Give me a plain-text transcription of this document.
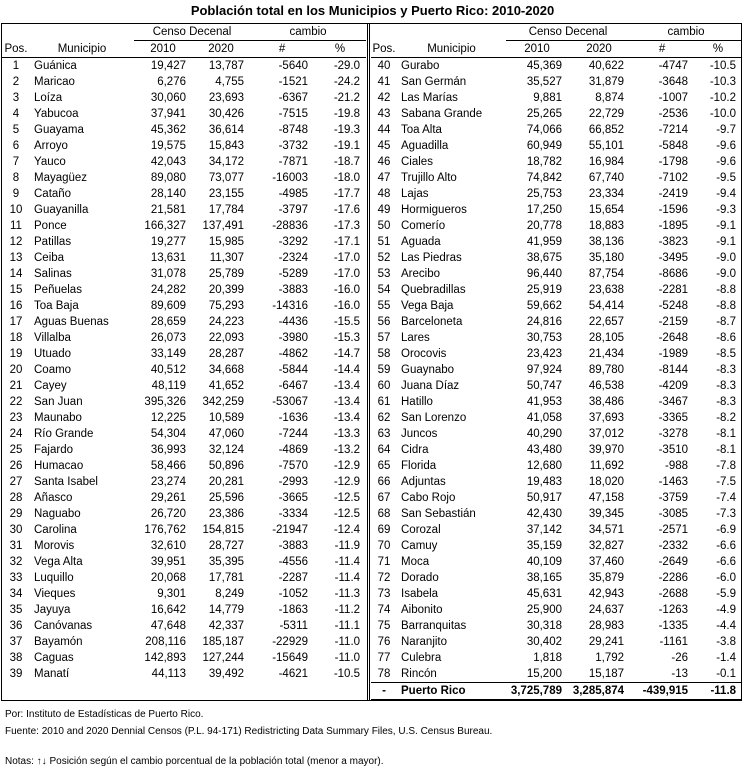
Población total en los Municipios y Puerto Rico: 2010-2020
		Censo Decenal		cambio	
Pos.	Municipio	2010	2020	#	%
1	Guánica	19,427	13,787	-5640	-29.0
2	Maricao	6,276	4,755	-1521	-24.2
3	Loíza	30,060	23,693	-6367	-21.2
4	Yabucoa	37,941	30,426	-7515	-19.8
5	Guayama	45,362	36,614	-8748	-19.3
6	Arroyo	19,575	15,843	-3732	-19.1
7	Yauco	42,043	34,172	-7871	-18.7
8	Mayagüez	89,080	73,077	-16003	-18.0
9	Cataño	28,140	23,155	-4985	-17.7
10	Guayanilla	21,581	17,784	-3797	-17.6
11	Ponce	166,327	137,491	-28836	-17.3
12	Patillas	19,277	15,985	-3292	-17.1
13	Ceiba	13,631	11,307	-2324	-17.0
14	Salinas	31,078	25,789	-5289	-17.0
15	Peñuelas	24,282	20,399	-3883	-16.0
16	Toa Baja	89,609	75,293	-14316	-16.0
17	Aguas Buenas	28,659	24,223	-4436	-15.5
18	Villalba	26,073	22,093	-3980	-15.3
19	Utuado	33,149	28,287	-4862	-14.7
20	Coamo	40,512	34,668	-5844	-14.4
21	Cayey	48,119	41,652	-6467	-13.4
22	San Juan	395,326	342,259	-53067	-13.4
23	Maunabo	12,225	10,589	-1636	-13.4
24	Río Grande	54,304	47,060	-7244	-13.3
25	Fajardo	36,993	32,124	-4869	-13.2
26	Humacao	58,466	50,896	-7570	-12.9
27	Santa Isabel	23,274	20,281	-2993	-12.9
28	Añasco	29,261	25,596	-3665	-12.5
29	Naguabo	26,720	23,386	-3334	-12.5
30	Carolina	176,762	154,815	-21947	-12.4
31	Morovis	32,610	28,727	-3883	-11.9
32	Vega Alta	39,951	35,395	-4556	-11.4
33	Luquillo	20,068	17,781	-2287	-11.4
34	Vieques	9,301	8,249	-1052	-11.3
35	Jayuya	16,642	14,779	-1863	-11.2
36	Canóvanas	47,648	42,337	-5311	-11.1
37	Bayamón	208,116	185,187	-22929	-11.0
38	Caguas	142,893	127,244	-15649	-11.0
39	Manatí	44,113	39,492	-4621	-10.5
		Censo Decenal		cambio	
Pos.	Municipio	2010	2020	#	%
40	Gurabo	45,369	40,622	-4747	-10.5
41	San Germán	35,527	31,879	-3648	-10.3
42	Las Marías	9,881	8,874	-1007	-10.2
43	Sabana Grande	25,265	22,729	-2536	-10.0
44	Toa Alta	74,066	66,852	-7214	-9.7
45	Aguadilla	60,949	55,101	-5848	-9.6
46	Ciales	18,782	16,984	-1798	-9.6
47	Trujillo Alto	74,842	67,740	-7102	-9.5
48	Lajas	25,753	23,334	-2419	-9.4
49	Hormigueros	17,250	15,654	-1596	-9.3
50	Comerío	20,778	18,883	-1895	-9.1
51	Aguada	41,959	38,136	-3823	-9.1
52	Las Piedras	38,675	35,180	-3495	-9.0
53	Arecibo	96,440	87,754	-8686	-9.0
54	Quebradillas	25,919	23,638	-2281	-8.8
55	Vega Baja	59,662	54,414	-5248	-8.8
56	Barceloneta	24,816	22,657	-2159	-8.7
57	Lares	30,753	28,105	-2648	-8.6
58	Orocovis	23,423	21,434	-1989	-8.5
59	Guaynabo	97,924	89,780	-8144	-8.3
60	Juana Díaz	50,747	46,538	-4209	-8.3
61	Hatillo	41,953	38,486	-3467	-8.3
62	San Lorenzo	41,058	37,693	-3365	-8.2
63	Juncos	40,290	37,012	-3278	-8.1
64	Cidra	43,480	39,970	-3510	-8.1
65	Florida	12,680	11,692	-988	-7.8
66	Adjuntas	19,483	18,020	-1463	-7.5
67	Cabo Rojo	50,917	47,158	-3759	-7.4
68	San Sebastián	42,430	39,345	-3085	-7.3
69	Corozal	37,142	34,571	-2571	-6.9
70	Camuy	35,159	32,827	-2332	-6.6
71	Moca	40,109	37,460	-2649	-6.6
72	Dorado	38,165	35,879	-2286	-6.0
73	Isabela	45,631	42,943	-2688	-5.9
74	Aibonito	25,900	24,637	-1263	-4.9
75	Barranquitas	30,318	28,983	-1335	-4.4
76	Naranjito	30,402	29,241	-1161	-3.8
77	Culebra	1,818	1,792	-26	-1.4
78	Rincón	15,200	15,187	-13	-0.1
-	Puerto Rico	3,725,789	3,285,874	-439,915	-11.8
Por: Instituto de Estadísticas de Puerto Rico.
Fuente: 2010 and 2020 Dennial Censos (P.L. 94-171) Redistricting Data Summary Files, U.S. Census Bureau.
Notas: ↑↓ Posición según el cambio porcentual de la población total (menor a mayor).
